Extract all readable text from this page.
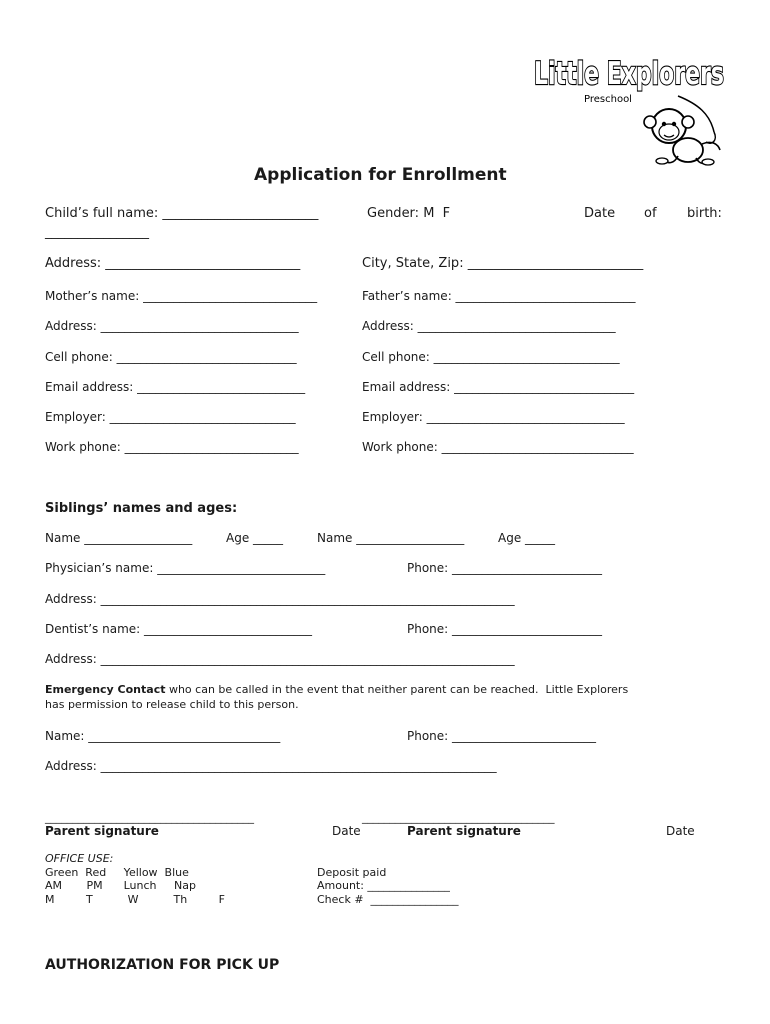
Little Explorers
Preschool
Application for Enrollment
Child’s full name: ________________________	Gender: M  F	Date of birth:
________________
Address: ______________________________	City, State, Zip: ___________________________
Mother’s name: _____________________________	Father’s name: ______________________________
Address: _________________________________	Address: _________________________________
Cell phone: ______________________________	Cell phone: _______________________________
Email address: ____________________________	Email address: ______________________________
Employer: _______________________________	Employer: _________________________________
Work phone: _____________________________	Work phone: ________________________________
Siblings’ names and ages:
Name __________________	Age _____	Name __________________	Age _____
Physician’s name: ____________________________	Phone: _________________________
Address: _____________________________________________________________________
Dentist’s name: ____________________________	Phone: _________________________
Address: _____________________________________________________________________
Emergency Contact who can be called in the event that neither parent can be reached.  Little Explorers
has permission to release child to this person.
Name: ________________________________	Phone: ________________________
Address: __________________________________________________________________
______________________________________	___________________________________
Parent signature	Date	Parent signature	Date
OFFICE USE:
Green  Red     Yellow  Blue
AM       PM      Lunch     Nap
M         T          W          Th         F
Deposit paid
Amount: _______________
Check #  ________________
AUTHORIZATION FOR PICK UP
